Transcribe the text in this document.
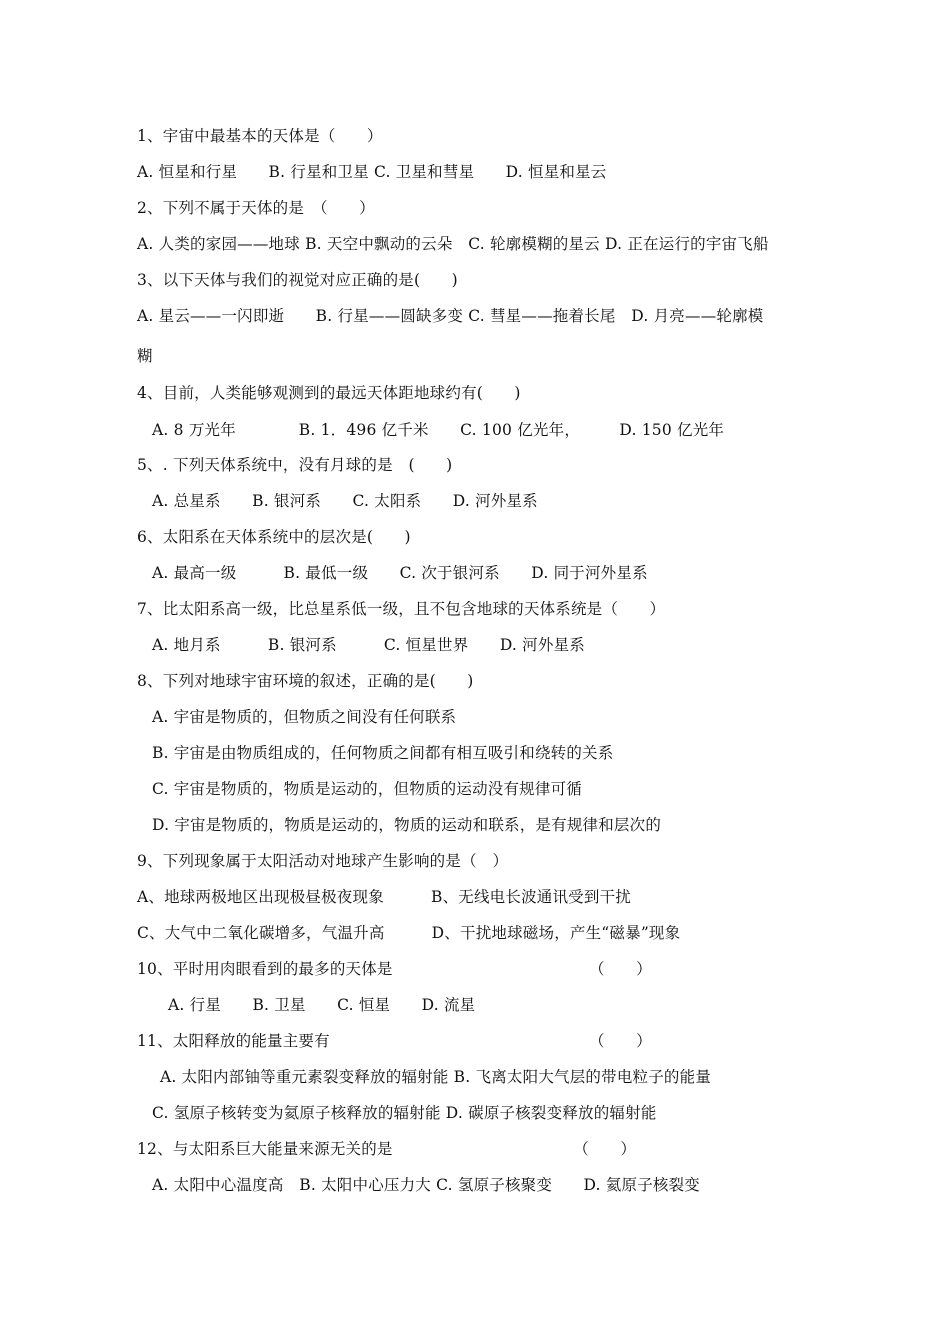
1、宇宙中最基本的天体是（　　）
A. 恒星和行星　　B. 行星和卫星 C. 卫星和彗星　　D. 恒星和星云
2、下列不属于天体的是　（　　）
A. 人类的家园——地球 B. 天空中飘动的云朵　C. 轮廓模糊的星云 D. 正在运行的宇宙飞船
3、以下天体与我们的视觉对应正确的是(　　)
A. 星云——一闪即逝　　B. 行星——圆缺多变 C. 彗星——拖着长尾　D. 月亮——轮廓模
糊
4、目前，人类能够观测到的最远天体距地球约有(　　)
A. 8 万光年　　　　B. 1．496 亿千米　　C. 100 亿光年，　　　D. 150 亿光年
5、. 下列天体系统中，没有月球的是　(　　)
A. 总星系　　B. 银河系　　C. 太阳系　　D. 河外星系
6、太阳系在天体系统中的层次是(　　)
A. 最高一级　　　B. 最低一级　　C. 次于银河系　　D. 同于河外星系
7、比太阳系高一级，比总星系低一级，且不包含地球的天体系统是（　　）
A. 地月系　　　B. 银河系　　　C. 恒星世界　　D. 河外星系
8、下列对地球宇宙环境的叙述，正确的是(　　)
A. 宇宙是物质的，但物质之间没有任何联系
B. 宇宙是由物质组成的，任何物质之间都有相互吸引和绕转的关系
C. 宇宙是物质的，物质是运动的，但物质的运动没有规律可循
D. 宇宙是物质的，物质是运动的，物质的运动和联系，是有规律和层次的
9、下列现象属于太阳活动对地球产生影响的是（　）
A、地球两极地区出现极昼极夜现象　　　B、无线电长波通讯受到干扰
C、大气中二氧化碳增多，气温升高　　　D、干扰地球磁场，产生“磁暴”现象
10、平时用肉眼看到的最多的天体是　　　　　　　　　　　　　（　　）
A. 行星　　B. 卫星　　C. 恒星　　D. 流星
11、太阳释放的能量主要有　　　　　　　　　　　　　　　　　（　　）
A. 太阳内部铀等重元素裂变释放的辐射能 B. 飞离太阳大气层的带电粒子的能量
C. 氢原子核转变为氦原子核释放的辐射能 D. 碳原子核裂变释放的辐射能
12、与太阳系巨大能量来源无关的是　　　　　　　　　　　　（　　）
A. 太阳中心温度高　B. 太阳中心压力大 C. 氢原子核聚变　　D. 氦原子核裂变
